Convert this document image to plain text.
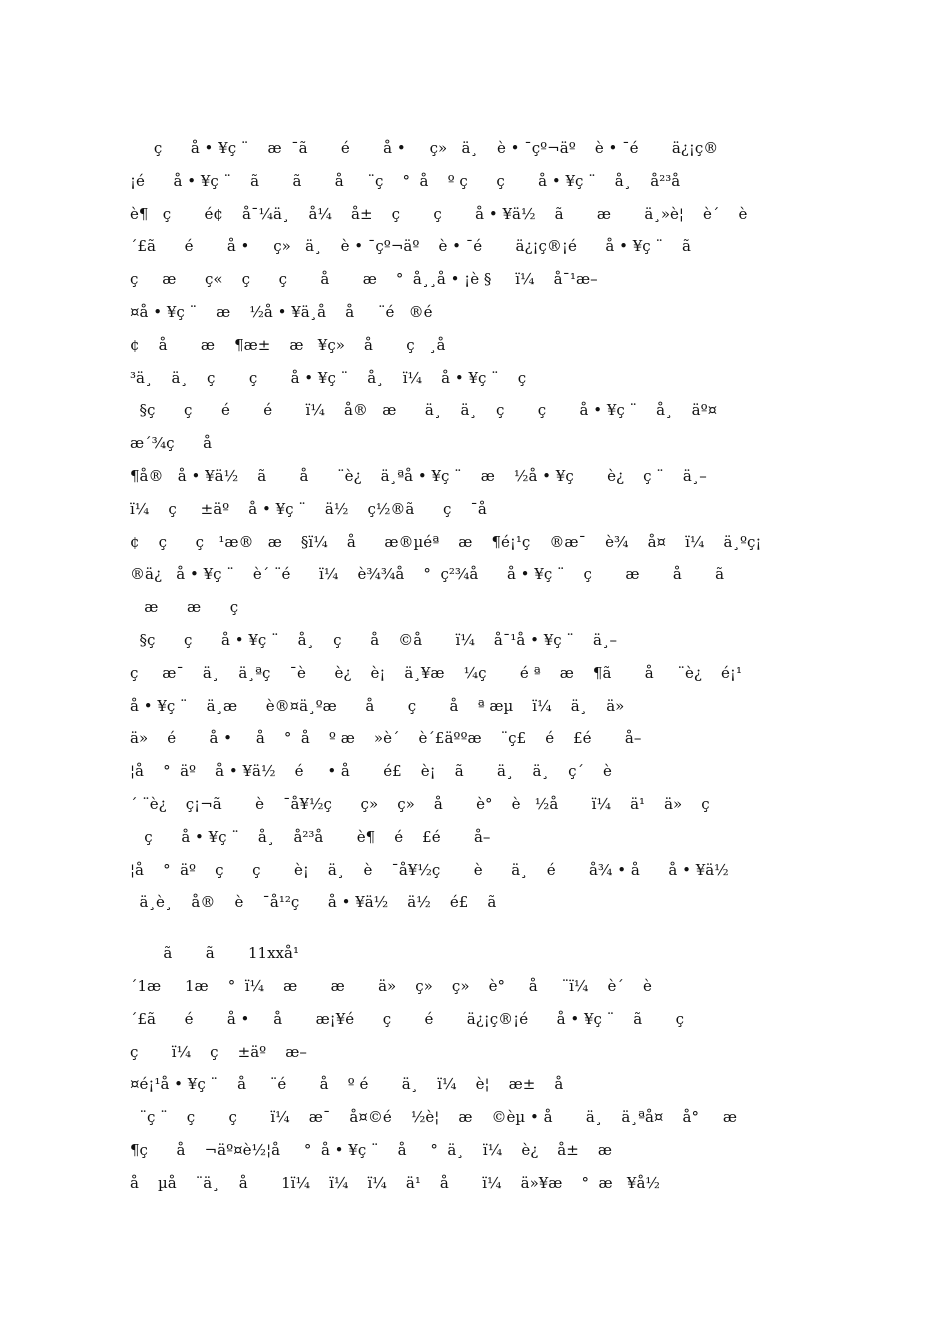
ç      å • ¥ç ¨    æ  ¯ã       é       å •     ç»   ä¸    è • ¯çº¬äº    è • ¯é       ä¿¡ç®
¡é      å • ¥ç ¨    ã       ã       å     ¨ç    °  å    º ç      ç       å • ¥ç ¨    å¸    å²³å
è¶   ç       é¢    å¯¼ä¸    å¼    å±    ç       ç       å • ¥ä½    ã       æ       ä¸»è¦    è´    è
´£ã      é       å •     ç»   ä¸    è • ¯çº¬äº    è • ¯é       ä¿¡ç®¡é      å • ¥ç ¨    ã
ç     æ      ç«    ç      ç       å       æ    °  å¸¸å • ¡è §     ï¼    å¯¹æ–
¤å • ¥ç ¨    æ    ½å • ¥ä¸å    å     ¨é   ®é
¢    å       æ    ¶æ±    æ   ¥ç»    å       ç   ¸å
³ä¸    ä¸    ç       ç       å • ¥ç ¨    å¸    ï¼    å • ¥ç ¨    ç
§ç      ç      é       é       ï¼    å®   æ      ä¸    ä¸    ç       ç       å • ¥ç ¨    å¸    äº¤
æ´¾ç      å
¶å®   å • ¥ä½    ã       å      ¨è¿    ä¸ªå • ¥ç ¨    æ    ½å • ¥ç       è¿    ç ¨    ä¸–
ï¼    ç     ±äº    å • ¥ç ¨    ä½    ç½®ã      ç    ¯å
¢    ç      ç   ¹æ®   æ    §ï¼    å      æ®µéª    æ    ¶é¡¹ç    ®æ¯    è¾    å¤    ï¼    ä¸ºç¡
®ä¿   å • ¥ç ¨    è´ ¨é      ï¼    è¾¾å    °  ç²¾å      å • ¥ç ¨    ç       æ       å       ã
æ      æ      ç
§ç      ç      å • ¥ç ¨    å¸    ç      å    ©å       ï¼    å¯¹å • ¥ç ¨    ä¸–
ç     æ¯    ä¸    ä¸ªç    ¯è      è¿    è¡    ä¸¥æ    ¼ç       é ª    æ    ¶ã       å     ¨è¿    é¡¹
å • ¥ç ¨    ä¸æ      è®¤ä¸ºæ      å       ç       å    ª æµ    ï¼    ä¸    ä»
ä»    é       å •     å    °  å    º æ    »è´    è´£äººæ    ¨ç£    é    £é       å–
¦å    °  äº    å • ¥ä½    é     • å       é£    è¡    ã       ä¸    ä¸    ç´    è
´ ¨è¿    ç¡¬ã       è    ¯å¥½ç      ç»    ç»    å       è°    è   ½å       ï¼    ä¹    ä»    ç
ç      å • ¥ç ¨    å¸    å²³å       è¶    é    £é       å–
¦å    °  äº    ç      ç       è¡    ä¸    è    ¯å¥½ç       è      ä¸    é       å¾ • å      å • ¥ä½
ä¸è¸    å®    è    ¯å¹²ç      å • ¥ä½    ä½    é£    ã
ã       ã       11xxå¹
´1æ     1æ    °  ï¼    æ       æ       ä»    ç»    ç»    è°     å     ¨ï¼    è´    è
´£ã      é       å •     å       æ¡¥é      ç       é       ä¿¡ç®¡é      å • ¥ç ¨    ã       ç
ç       ï¼    ç    ±äº    æ–
¤é¡¹å • ¥ç ¨    å     ¨é       å    º é       ä¸    ï¼    è¦    æ±    å
¨ç ¨    ç       ç       ï¼    æ¯    å¤©é    ½è¦    æ    ©èµ • å       ä¸    ä¸ªå¤    å°     æ
¶ç      å    ¬äº¤è½¦å     °  å • ¥ç ¨    å     °  ä¸    ï¼    è¿    å±    æ
å    µå    ¨ä¸    å       1ï¼    ï¼    ï¼    ä¹    å       ï¼    ä»¥æ    °  æ   ¥å½
